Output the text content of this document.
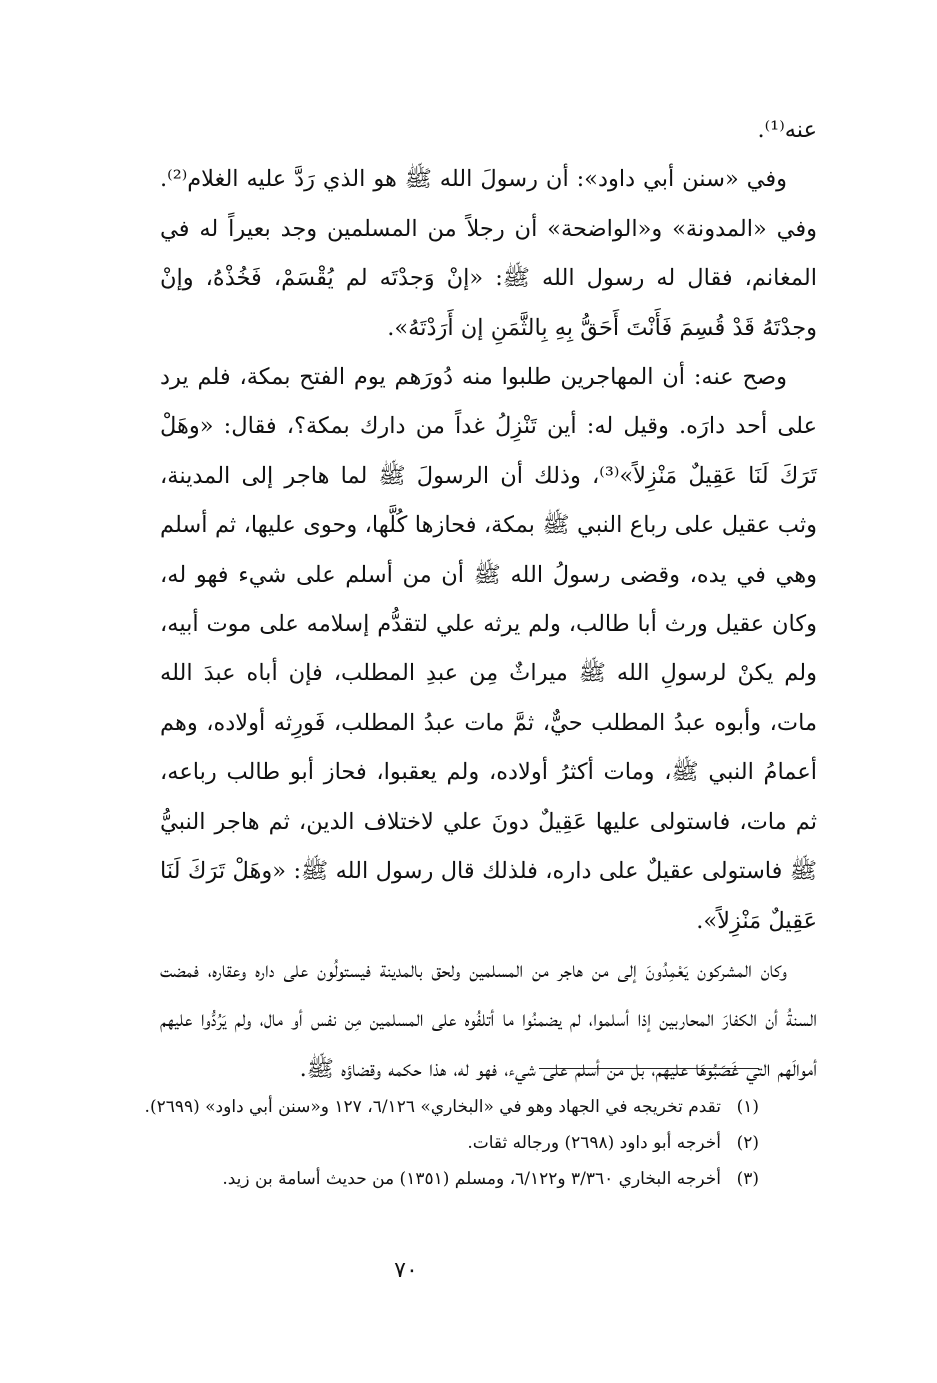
عنه⁽¹⁾.

وفي «سنن أبي داود»: أن رسولَ الله ﷺ هو الذي رَدَّ عليه الغلام⁽²⁾. وفي «المدونة» و«الواضحة» أن رجلاً من المسلمين وجد بعيراً له في المغانم، فقال له رسول الله ﷺ: «إنْ وَجدْتَه لم يُقْسَمْ، فَخُذْهُ، وإنْ وجدْتَهُ قَدْ قُسِمَ فَأَنْتَ أَحَقُّ بِهِ بِالثَّمَنِ إن أَرَدْتَهُ».

وصح عنه: أن المهاجرين طلبوا منه دُورَهم يوم الفتح بمكة، فلم يرد على أحد دارَه. وقيل له: أين تَنْزِلُ غداً من دارك بمكة؟، فقال: «وهَلْ تَرَكَ لَنَا عَقِيلٌ مَنْزِلاً»⁽³⁾، وذلك أن الرسولَ ﷺ لما هاجر إلى المدينة، وثب عقيل على رباع النبي ﷺ بمكة، فحازها كُلَّها، وحوى عليها، ثم أسلم وهي في يده، وقضى رسولُ الله ﷺ أن من أسلم على شيء فهو له، وكان عقيل ورث أبا طالب، ولم يرثه علي لتقدُّم إسلامه على موت أبيه، ولم يكنْ لرسولِ الله ﷺ ميراثٌ مِن عبدِ المطلب، فإن أباه عبدَ الله مات، وأبوه عبدُ المطلب حيٌّ، ثمَّ مات عبدُ المطلب، فَورِثه أولاده، وهم أعمامُ النبي ﷺ، ومات أكثرُ أولاده، ولم يعقبوا، فحاز أبو طالب رباعه، ثم مات، فاستولى عليها عَقِيلٌ دونَ علي لاختلاف الدين، ثم هاجر النبيُّ ﷺ فاستولى عقيلٌ على داره، فلذلك قال رسول الله ﷺ: «وهَلْ تَرَكَ لَنَا عَقِيلٌ مَنْزِلاً».

وكان المشركون يَعْمِدُونَ إلى من هاجر من المسلمين ولحق بالمدينة فيستولُون على داره وعقاره، فمضت السنةُ أن الكفارَ المحاربين إذا أسلموا، لم يضمنُوا ما أتلفُوه على المسلمين مِن نفس أو مال، ولم يَرُدُّوا عليهم أموالَهم التي غَصَبُوهَا عليهم، بل من أسلم على شيء، فهو له، هذا حكمه وقضاؤه ﷺ.

(١)
تقدم تخريجه في الجهاد وهو في «البخاري» ٦/١٢٦، ١٢٧ و«سنن أبي داود» (٢٦٩٩).
(٢)
أخرجه أبو داود (٢٦٩٨) ورجاله ثقات.
(٣)
أخرجه البخاري ٣/٣٦٠ و٦/١٢٢، ومسلم (١٣٥١) من حديث أسامة بن زيد.
٧٠
